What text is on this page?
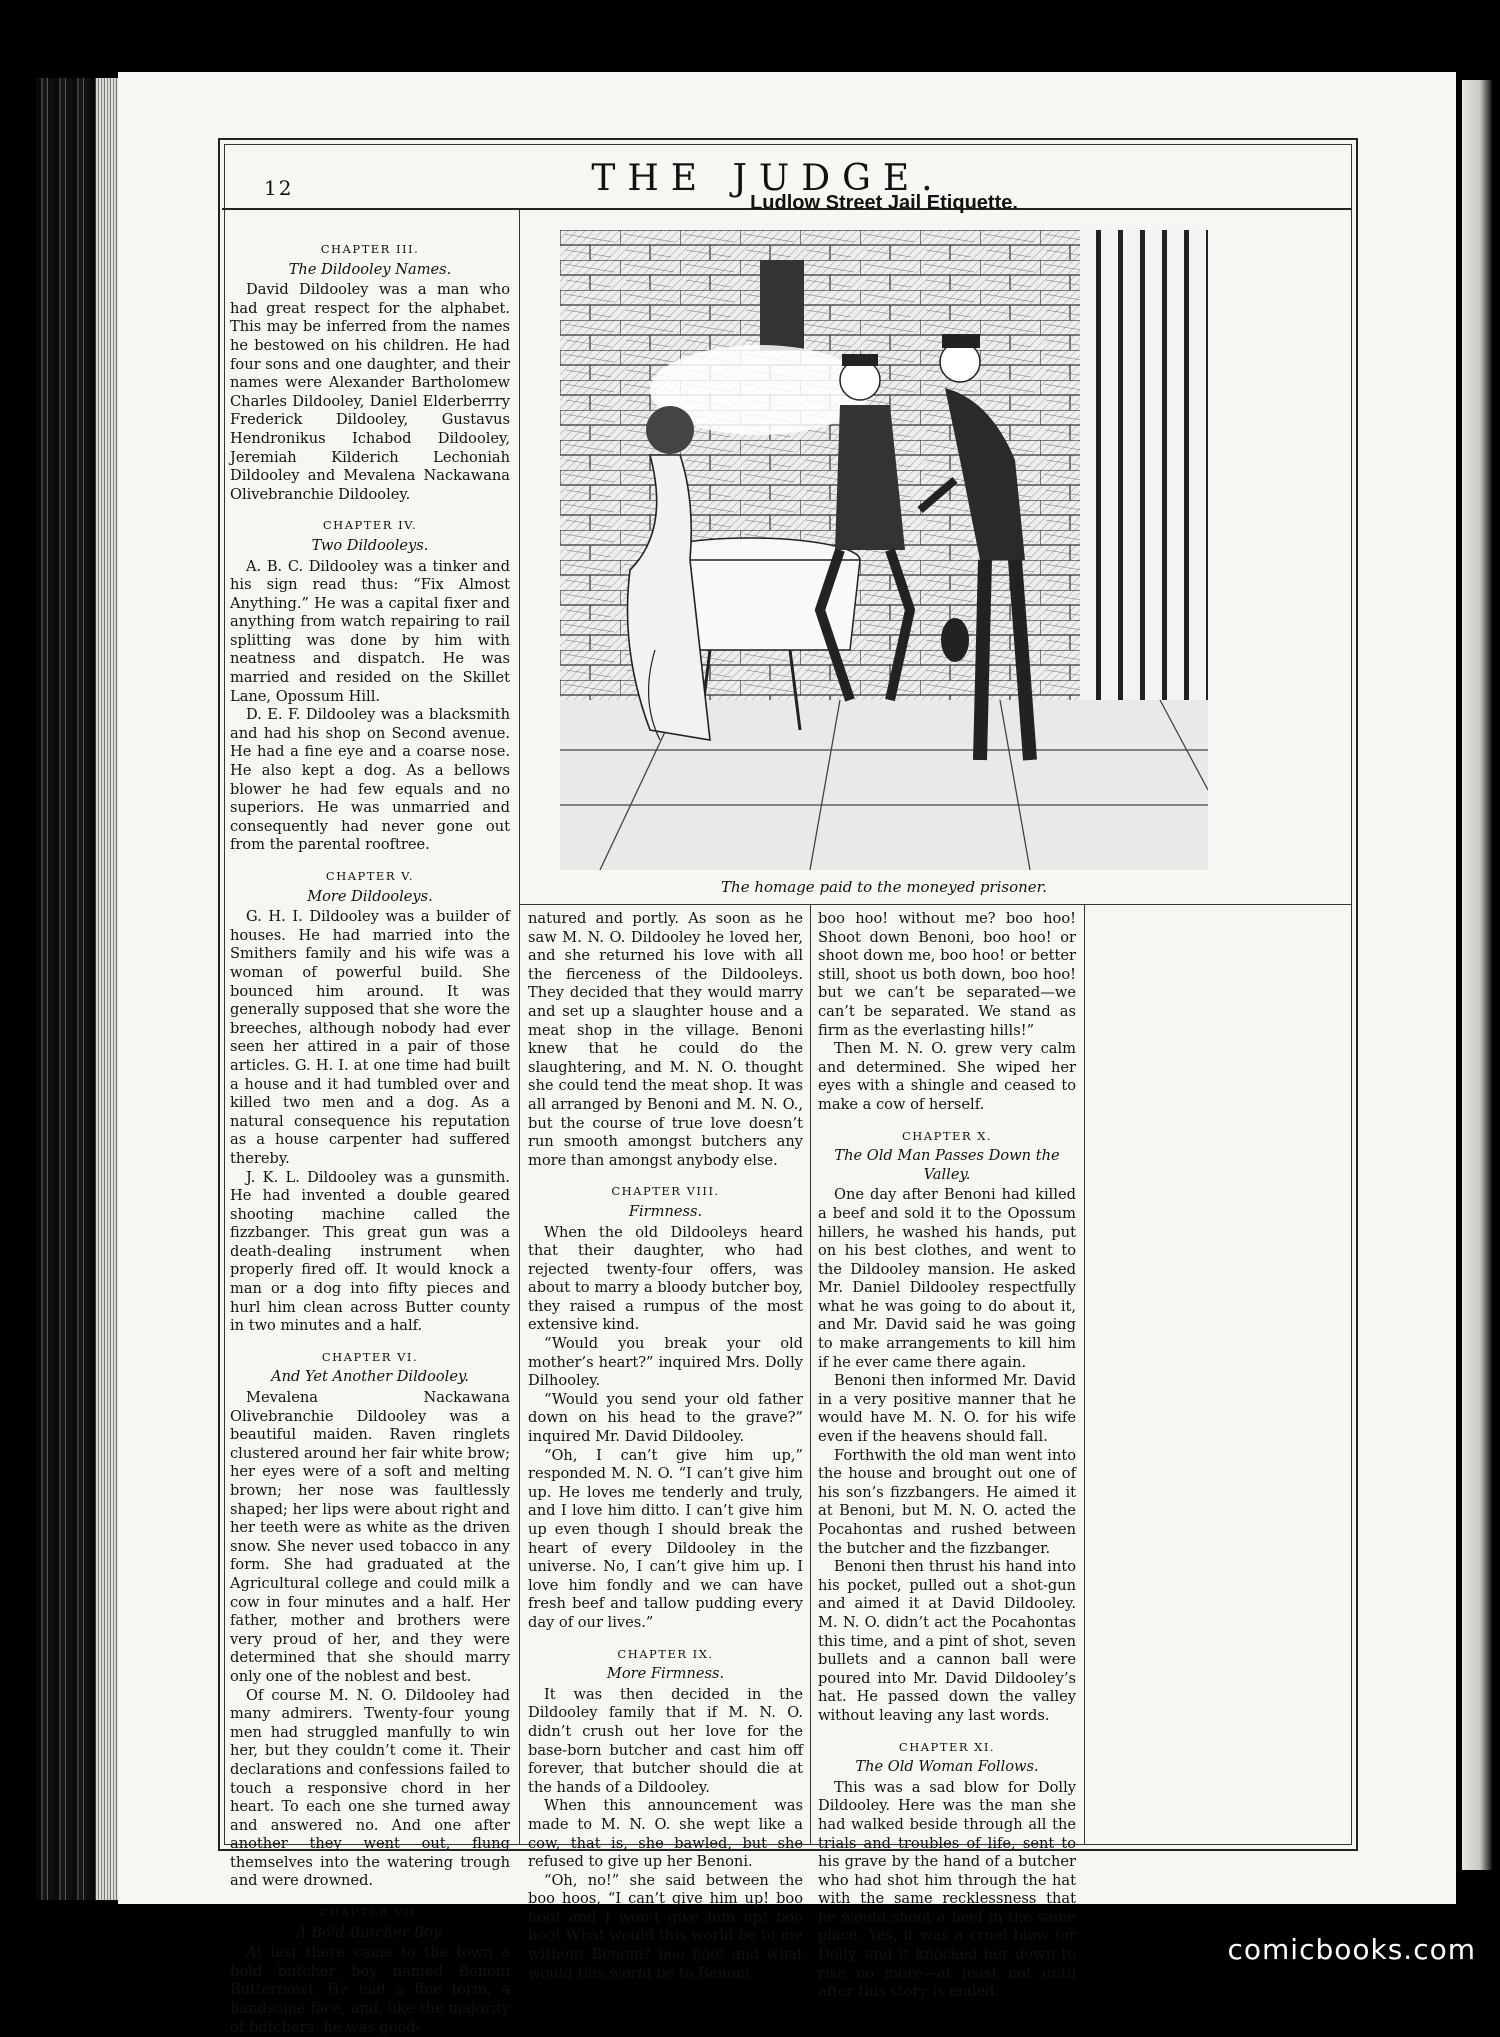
12	THE JUDGE.
CHAPTER III.
The Dildooley Names.

David Dildooley was a man who had great respect for the alphabet. This may be inferred from the names he bestowed on his children. He had four sons and one daughter, and their names were Alexander Bartholomew Charles Dildooley, Daniel Elderberrry Frederick Dildooley, Gustavus Hendronikus Ichabod Dildooley, Jeremiah Kilderich Lechoniah Dildooley and Mevalena Nackawana Olivebranchie Dildooley.

CHAPTER IV.
Two Dildooleys.

A. B. C. Dildooley was a tinker and his sign read thus: “Fix Almost Anything.” He was a capital fixer and anything from watch repairing to rail splitting was done by him with neatness and dispatch. He was married and resided on the Skillet Lane, Opossum Hill.

D. E. F. Dildooley was a blacksmith and had his shop on Second avenue. He had a fine eye and a coarse nose. He also kept a dog. As a bellows blower he had few equals and no superiors. He was unmarried and consequently had never gone out from the parental rooftree.

CHAPTER V.
More Dildooleys.

G. H. I. Dildooley was a builder of houses. He had married into the Smithers family and his wife was a woman of powerful build. She bounced him around. It was generally supposed that she wore the breeches, although nobody had ever seen her attired in a pair of those articles. G. H. I. at one time had built a house and it had tumbled over and killed two men and a dog. As a natural consequence his reputation as a house carpenter had suffered thereby.

J. K. L. Dildooley was a gunsmith. He had invented a double geared shooting machine called the fizzbanger. This great gun was a death-dealing instrument when properly fired off. It would knock a man or a dog into fifty pieces and hurl him clean across Butter county in two minutes and a half.

CHAPTER VI.
And Yet Another Dildooley.

Mevalena Nackawana Olivebranchie Dildooley was a beautiful maiden. Raven ringlets clustered around her fair white brow; her eyes were of a soft and melting brown; her nose was faultlessly shaped; her lips were about right and her teeth were as white as the driven snow. She never used tobacco in any form. She had graduated at the Agricultural college and could milk a cow in four minutes and a half. Her father, mother and brothers were very proud of her, and they were determined that she should marry only one of the noblest and best.

Of course M. N. O. Dildooley had many admirers. Twenty-four young men had struggled manfully to win her, but they couldn’t come it. Their declarations and confessions failed to touch a responsive chord in her heart. To each one she turned away and answered no. And one after another they went out, flung themselves into the watering trough and were drowned.

CHAPTER VII.
A Bold Butcher Boy.

At last there came to the town a bold butcher boy named Benoni Butterbowl. He had a fine form, a handsome face, and, like the majority of butchers, he was good-

Ludlow Street Jail Etiquette.
The homage paid to the moneyed prisoner.

natured and portly. As soon as he saw M. N. O. Dildooley he loved her, and she returned his love with all the fierceness of the Dildooleys. They decided that they would marry and set up a slaughter house and a meat shop in the village. Benoni knew that he could do the slaughtering, and M. N. O. thought she could tend the meat shop. It was all arranged by Benoni and M. N. O., but the course of true love doesn’t run smooth amongst butchers any more than amongst anybody else.

CHAPTER VIII.
Firmness.

When the old Dildooleys heard that their daughter, who had rejected twenty-four offers, was about to marry a bloody butcher boy, they raised a rumpus of the most extensive kind.

“Would you break your old mother’s heart?” inquired Mrs. Dolly Dilhooley.

“Would you send your old father down on his head to the grave?” inquired Mr. David Dildooley.

“Oh, I can’t give him up,” responded M. N. O. “I can’t give him up. He loves me tenderly and truly, and I love him ditto. I can’t give him up even though I should break the heart of every Dildooley in the universe. No, I can’t give him up. I love him fondly and we can have fresh beef and tallow pudding every day of our lives.”

CHAPTER IX.
More Firmness.

It was then decided in the Dildooley family that if M. N. O. didn’t crush out her love for the base-born butcher and cast him off forever, that butcher should die at the hands of a Dildooley.

When this announcement was made to M. N. O. she wept like a cow, that is, she bawled, but she refused to give up her Benoni.

“Oh, no!” she said between the boo hoos, “I can’t give him up! boo hoo! and I won’t give him up! boo hoo! What would this world be to me without Benoni? boo hoo! and what would this world be to Benoni,

boo hoo! without me? boo hoo! Shoot down Benoni, boo hoo! or shoot down me, boo hoo! or better still, shoot us both down, boo hoo! but we can’t be separated—we can’t be separated. We stand as firm as the everlasting hills!”

Then M. N. O. grew very calm and determined. She wiped her eyes with a shingle and ceased to make a cow of herself.

CHAPTER X.
The Old Man Passes Down the Valley.

One day after Benoni had killed a beef and sold it to the Opossum hillers, he washed his hands, put on his best clothes, and went to the Dildooley mansion. He asked Mr. Daniel Dildooley respectfully what he was going to do about it, and Mr. David said he was going to make arrangements to kill him if he ever came there again.

Benoni then informed Mr. David in a very positive manner that he would have M. N. O. for his wife even if the heavens should fall.

Forthwith the old man went into the house and brought out one of his son’s fizzbangers. He aimed it at Benoni, but M. N. O. acted the Pocahontas and rushed between the butcher and the fizzbanger.

Benoni then thrust his hand into his pocket, pulled out a shot-gun and aimed it at David Dildooley. M. N. O. didn’t act the Pocahontas this time, and a pint of shot, seven bullets and a cannon ball were poured into Mr. David Dildooley’s hat. He passed down the valley without leaving any last words.

CHAPTER XI.
The Old Woman Follows.

This was a sad blow for Dolly Dildooley. Here was the man she had walked beside through all the trials and troubles of life, sent to his grave by the hand of a butcher who had shot him through the hat with the same recklessness that he would shoot a beef in the same place. Yes, it was a cruel blow for Dolly, and it knocked her down to rise no more—at least not until after this story is ended.

comicbooks.com
